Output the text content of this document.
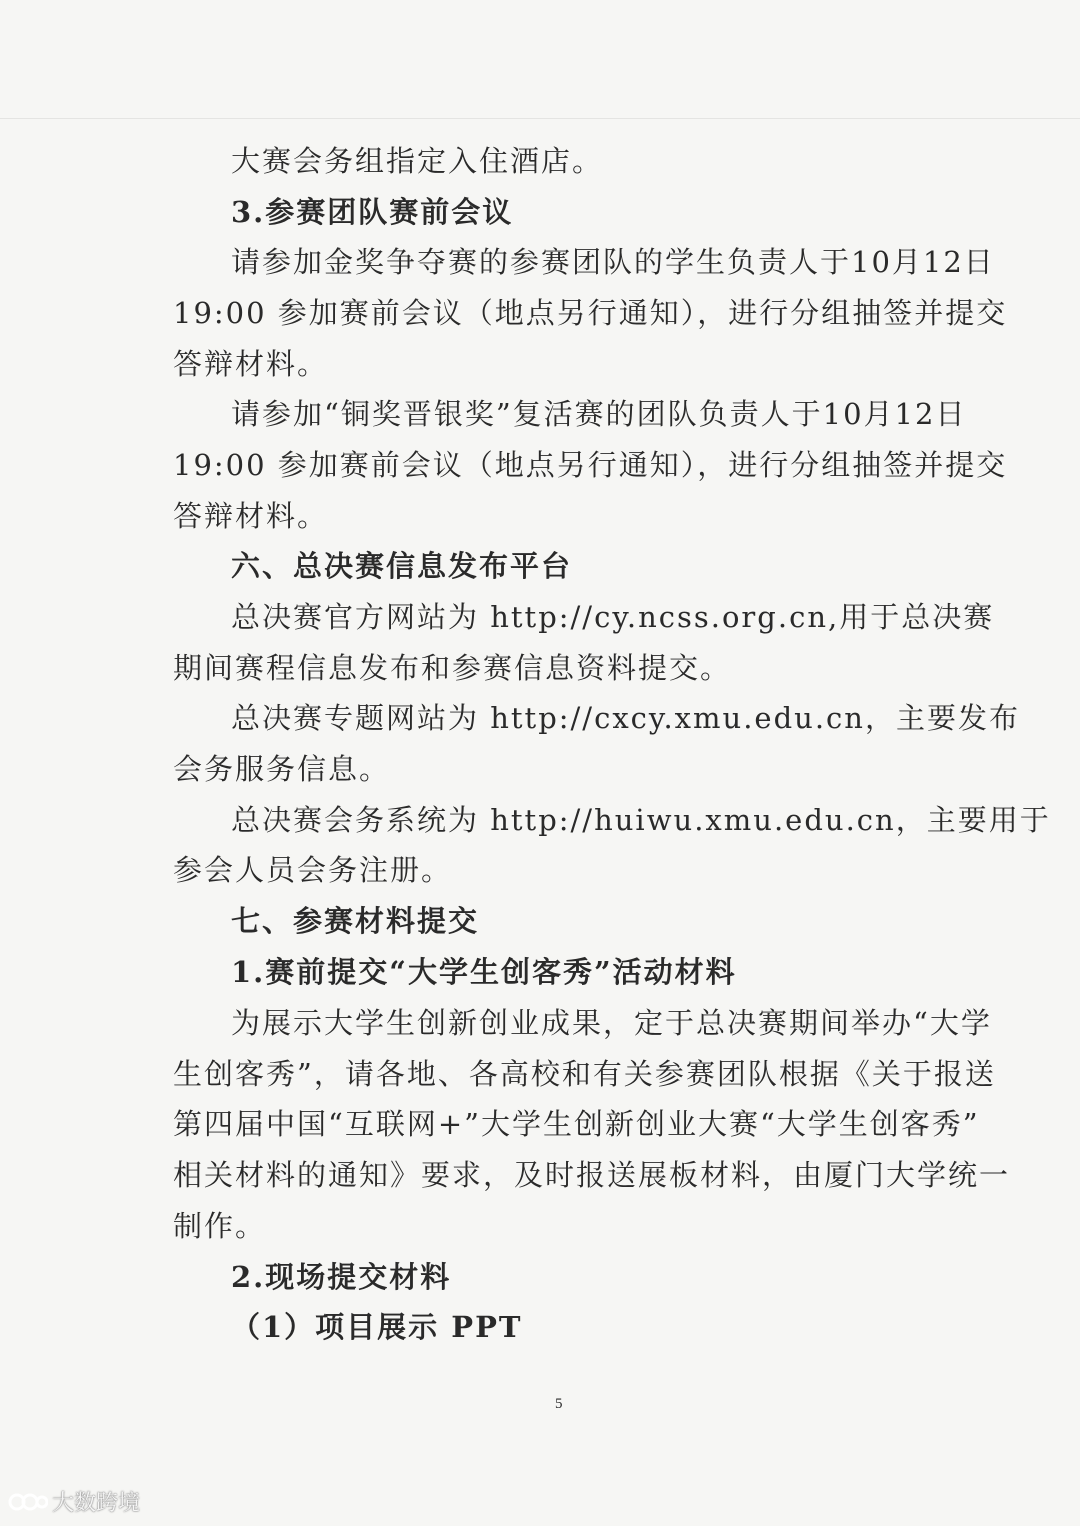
大赛会务组指定入住酒店。
3.参赛团队赛前会议
请参加金奖争夺赛的参赛团队的学生负责人于10月12日
19:00 参加赛前会议（地点另行通知），进行分组抽签并提交
答辩材料。
请参加“铜奖晋银奖”复活赛的团队负责人于10月12日
19:00 参加赛前会议（地点另行通知），进行分组抽签并提交
答辩材料。
六、总决赛信息发布平台
总决赛官方网站为 http://cy.ncss.org.cn,用于总决赛
期间赛程信息发布和参赛信息资料提交。
总决赛专题网站为 http://cxcy.xmu.edu.cn，主要发布
会务服务信息。
总决赛会务系统为 http://huiwu.xmu.edu.cn，主要用于
参会人员会务注册。
七、参赛材料提交
1.赛前提交“大学生创客秀”活动材料
为展示大学生创新创业成果，定于总决赛期间举办“大学
生创客秀”，请各地、各高校和有关参赛团队根据《关于报送
第四届中国“互联网+”大学生创新创业大赛“大学生创客秀”
相关材料的通知》要求，及时报送展板材料，由厦门大学统一
制作。
2.现场提交材料
（1）项目展示 PPT
5
大数跨境
